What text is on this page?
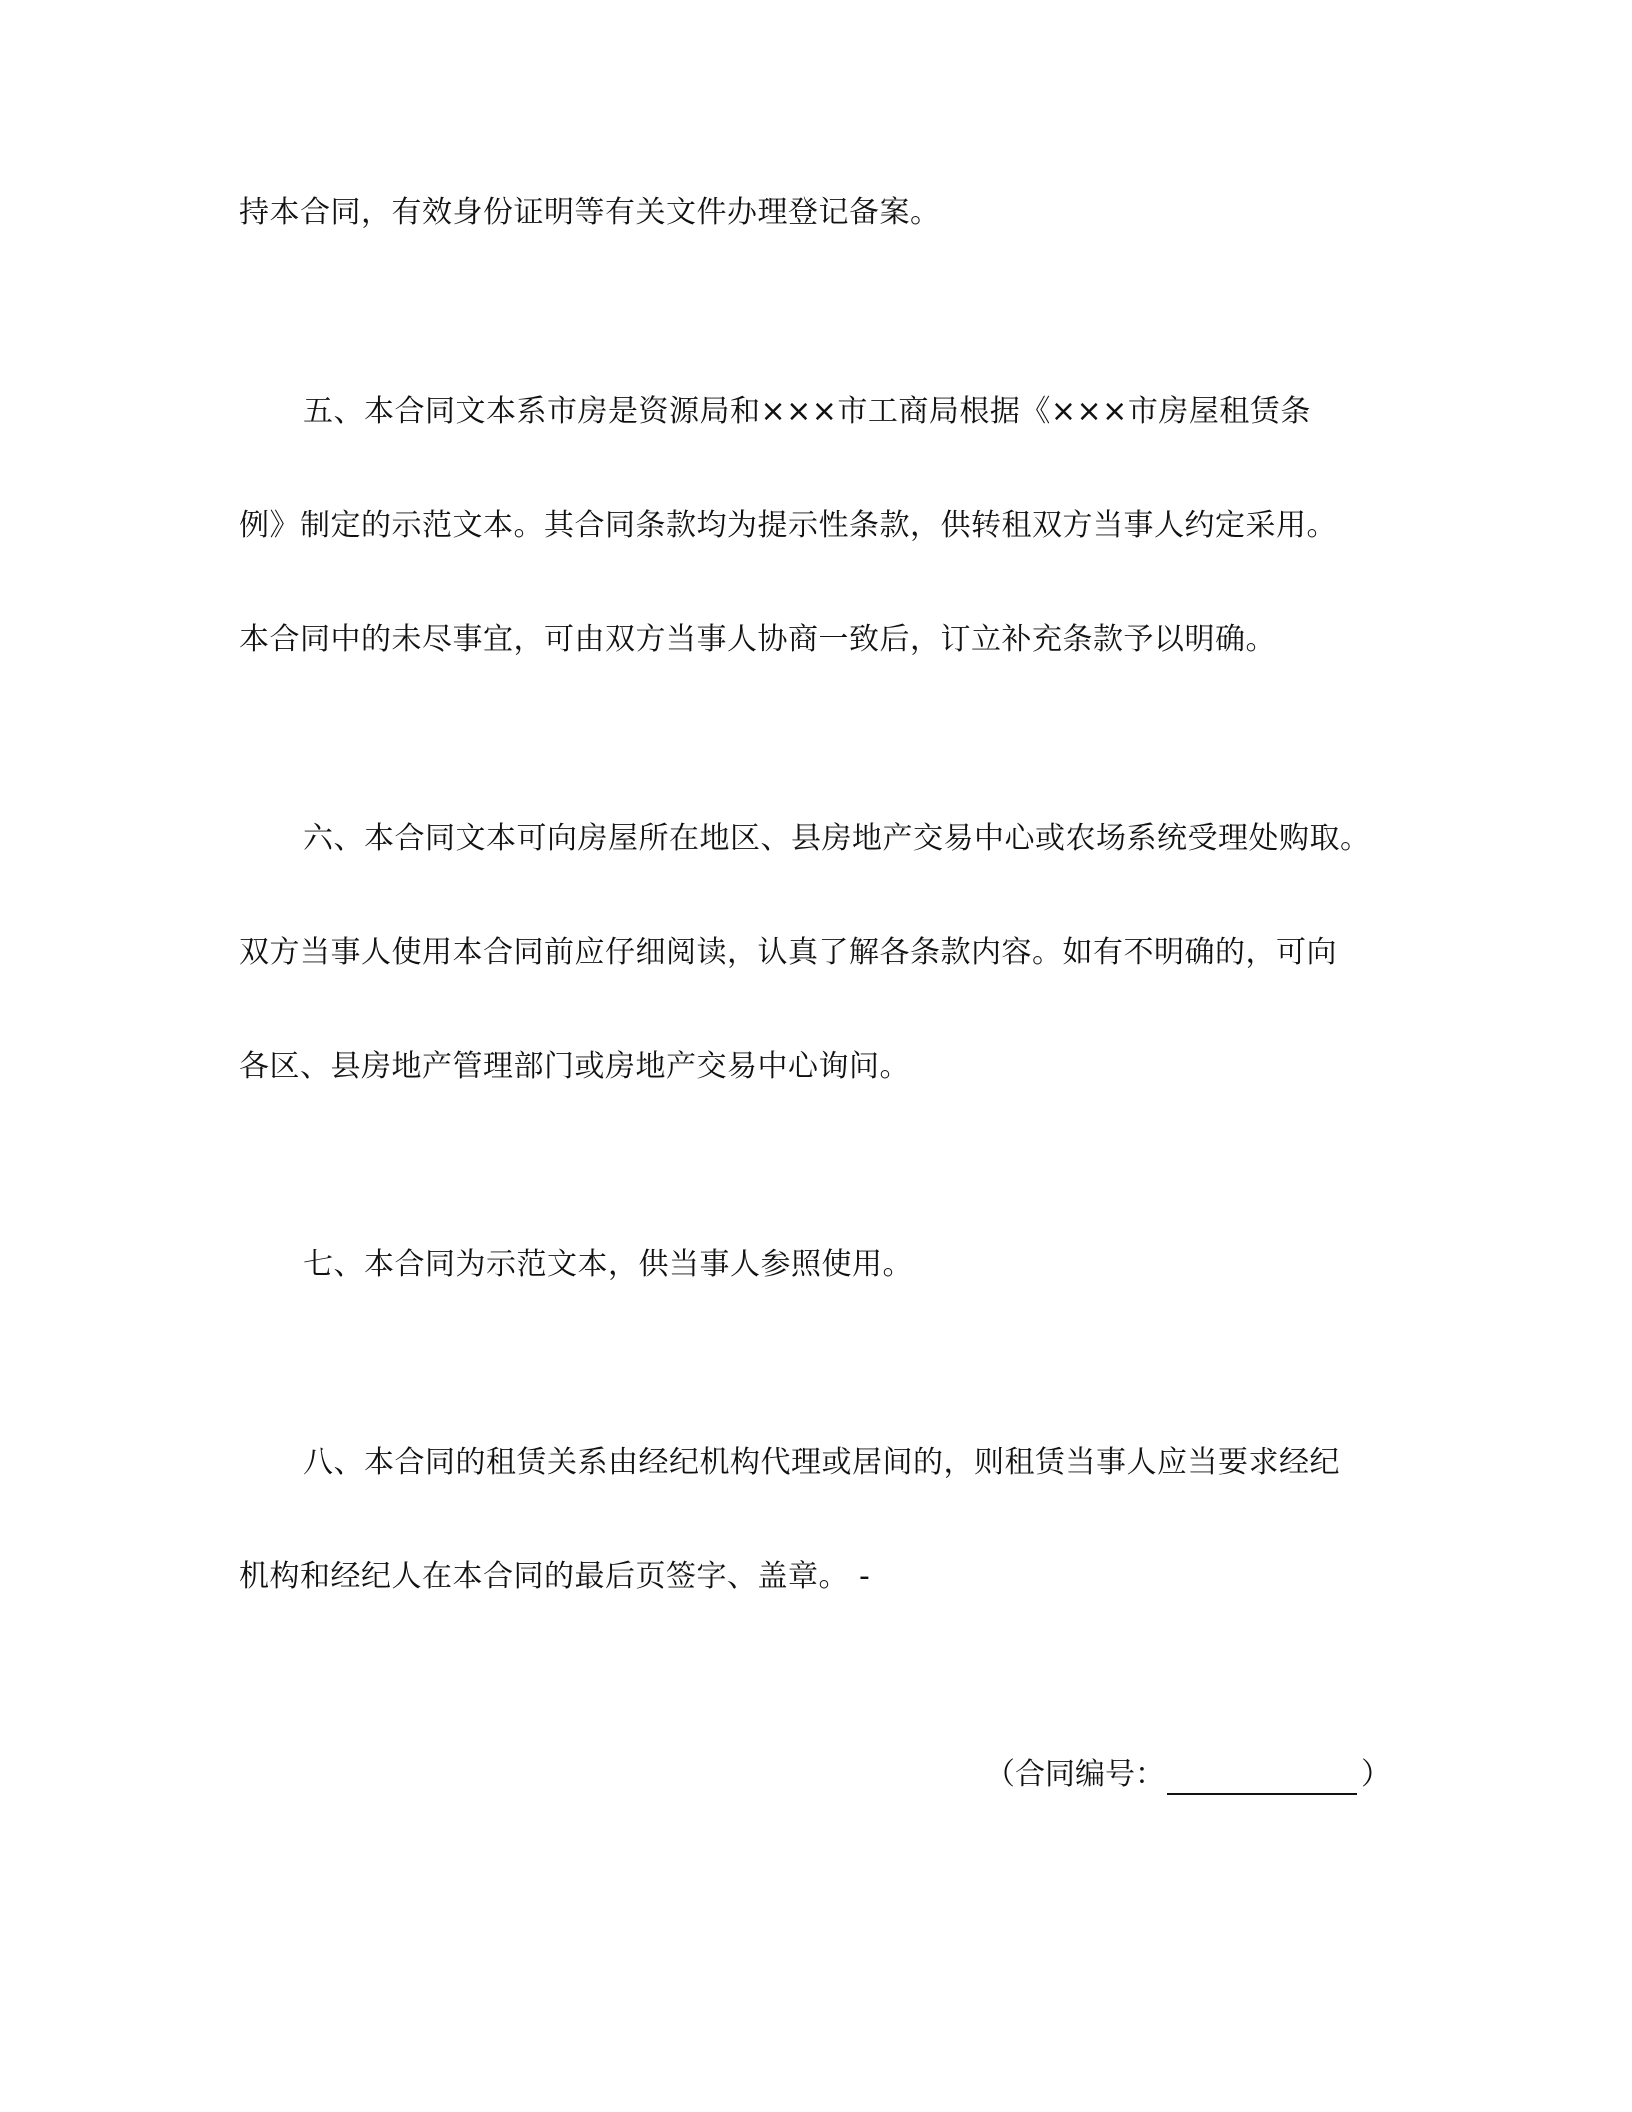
持本合同，有效身份证明等有关文件办理登记备案。
五、本合同文本系市房是资源局和×××市工商局根据《×××市房屋租赁条
例》制定的示范文本。其合同条款均为提示性条款，供转租双方当事人约定采用。
本合同中的未尽事宜，可由双方当事人协商一致后，订立补充条款予以明确。
六、本合同文本可向房屋所在地区、县房地产交易中心或农场系统受理处购取。
双方当事人使用本合同前应仔细阅读，认真了解各条款内容。如有不明确的，可向
各区、县房地产管理部门或房地产交易中心询问。
七、本合同为示范文本，供当事人参照使用。
八、本合同的租赁关系由经纪机构代理或居间的，则租赁当事人应当要求经纪
机构和经纪人在本合同的最后页签字、盖章。 -
（合同编号：	）
